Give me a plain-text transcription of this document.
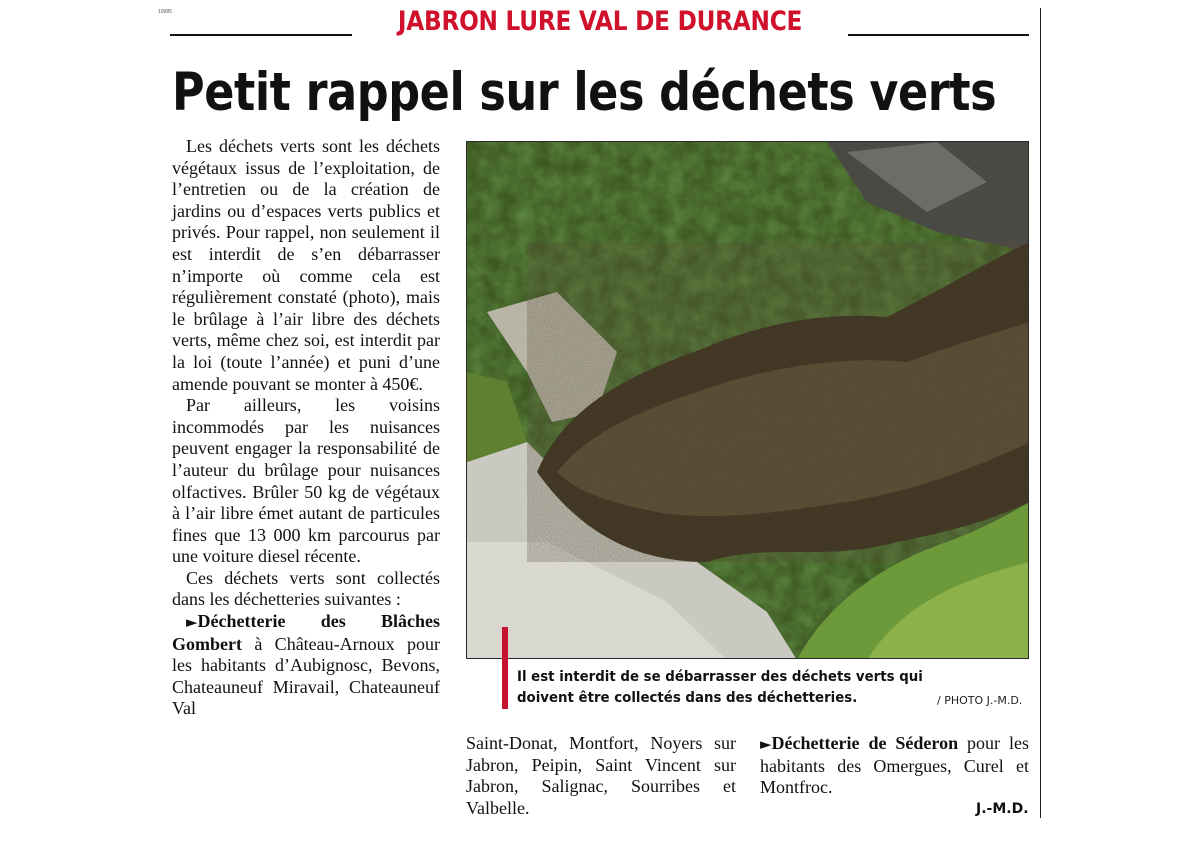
10985	JABRON LURE VAL DE DURANCE
Petit rappel sur les déchets verts

Les déchets verts sont les déchets végétaux issus de l’exploitation, de l’entretien ou de la création de jardins ou d’espaces verts publics et privés. Pour rappel, non seulement il est interdit de s’en débarrasser n’importe où comme cela est régulièrement constaté (photo), mais le brûlage à l’air libre des déchets verts, même chez soi, est interdit par la loi (toute l’année) et puni d’une amende pouvant se monter à 450€.

Par ailleurs, les voisins incommodés par les nuisances peuvent engager la responsabilité de l’auteur du brûlage pour nuisances olfactives. Brûler 50 kg de végétaux à l’air libre émet autant de particules fines que 13 000 km parcourus par une voiture diesel récente.

Ces déchets verts sont collectés dans les déchetteries suivantes :

►Déchetterie des Blâches Gombert à Château-Arnoux pour les habitants d’Aubignosc, Bevons, Chateauneuf Miravail, Chateauneuf Val

Il est interdit de se débarrasser des déchets verts qui doivent être collectés dans des déchetteries.	/ PHOTO J.-M.D.

Saint-Donat, Montfort, Noyers sur Jabron, Peipin, Saint Vincent sur Jabron, Salignac, Sourribes et Valbelle.

►Déchetterie de Séderon pour les habitants des Omergues, Curel et Montfroc.

J.-M.D.
